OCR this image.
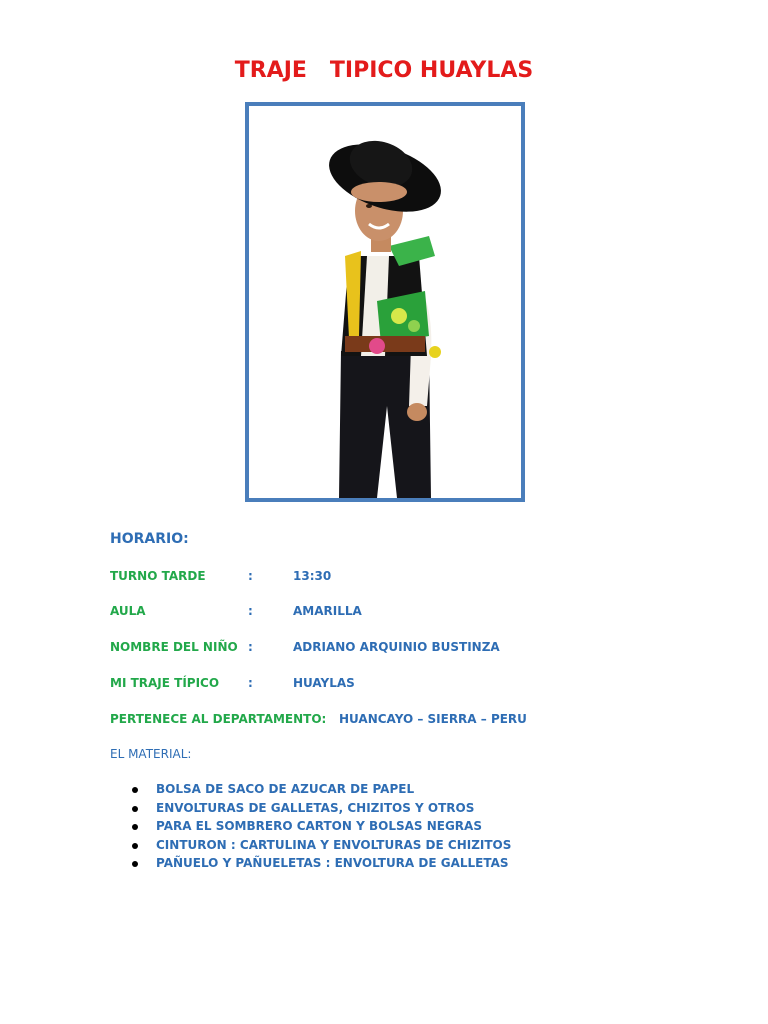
TRAJE   TIPICO HUAYLAS
HORARIO:
TURNO TARDE	:	13:30
AULA	:	AMARILLA
NOMBRE DEL NIÑO :	ADRIANO ARQUINIO BUSTINZA
MI TRAJE TÍPICO :	HUAYLAS
PERTENECE AL DEPARTAMENTO: HUANCAYO – SIERRA – PERU
EL MATERIAL:
BOLSA DE SACO DE AZUCAR DE PAPEL
ENVOLTURAS DE GALLETAS, CHIZITOS Y OTROS
PARA EL SOMBRERO CARTON Y BOLSAS NEGRAS
CINTURON : CARTULINA Y ENVOLTURAS DE CHIZITOS
PAÑUELO Y PAÑUELETAS : ENVOLTURA DE GALLETAS
